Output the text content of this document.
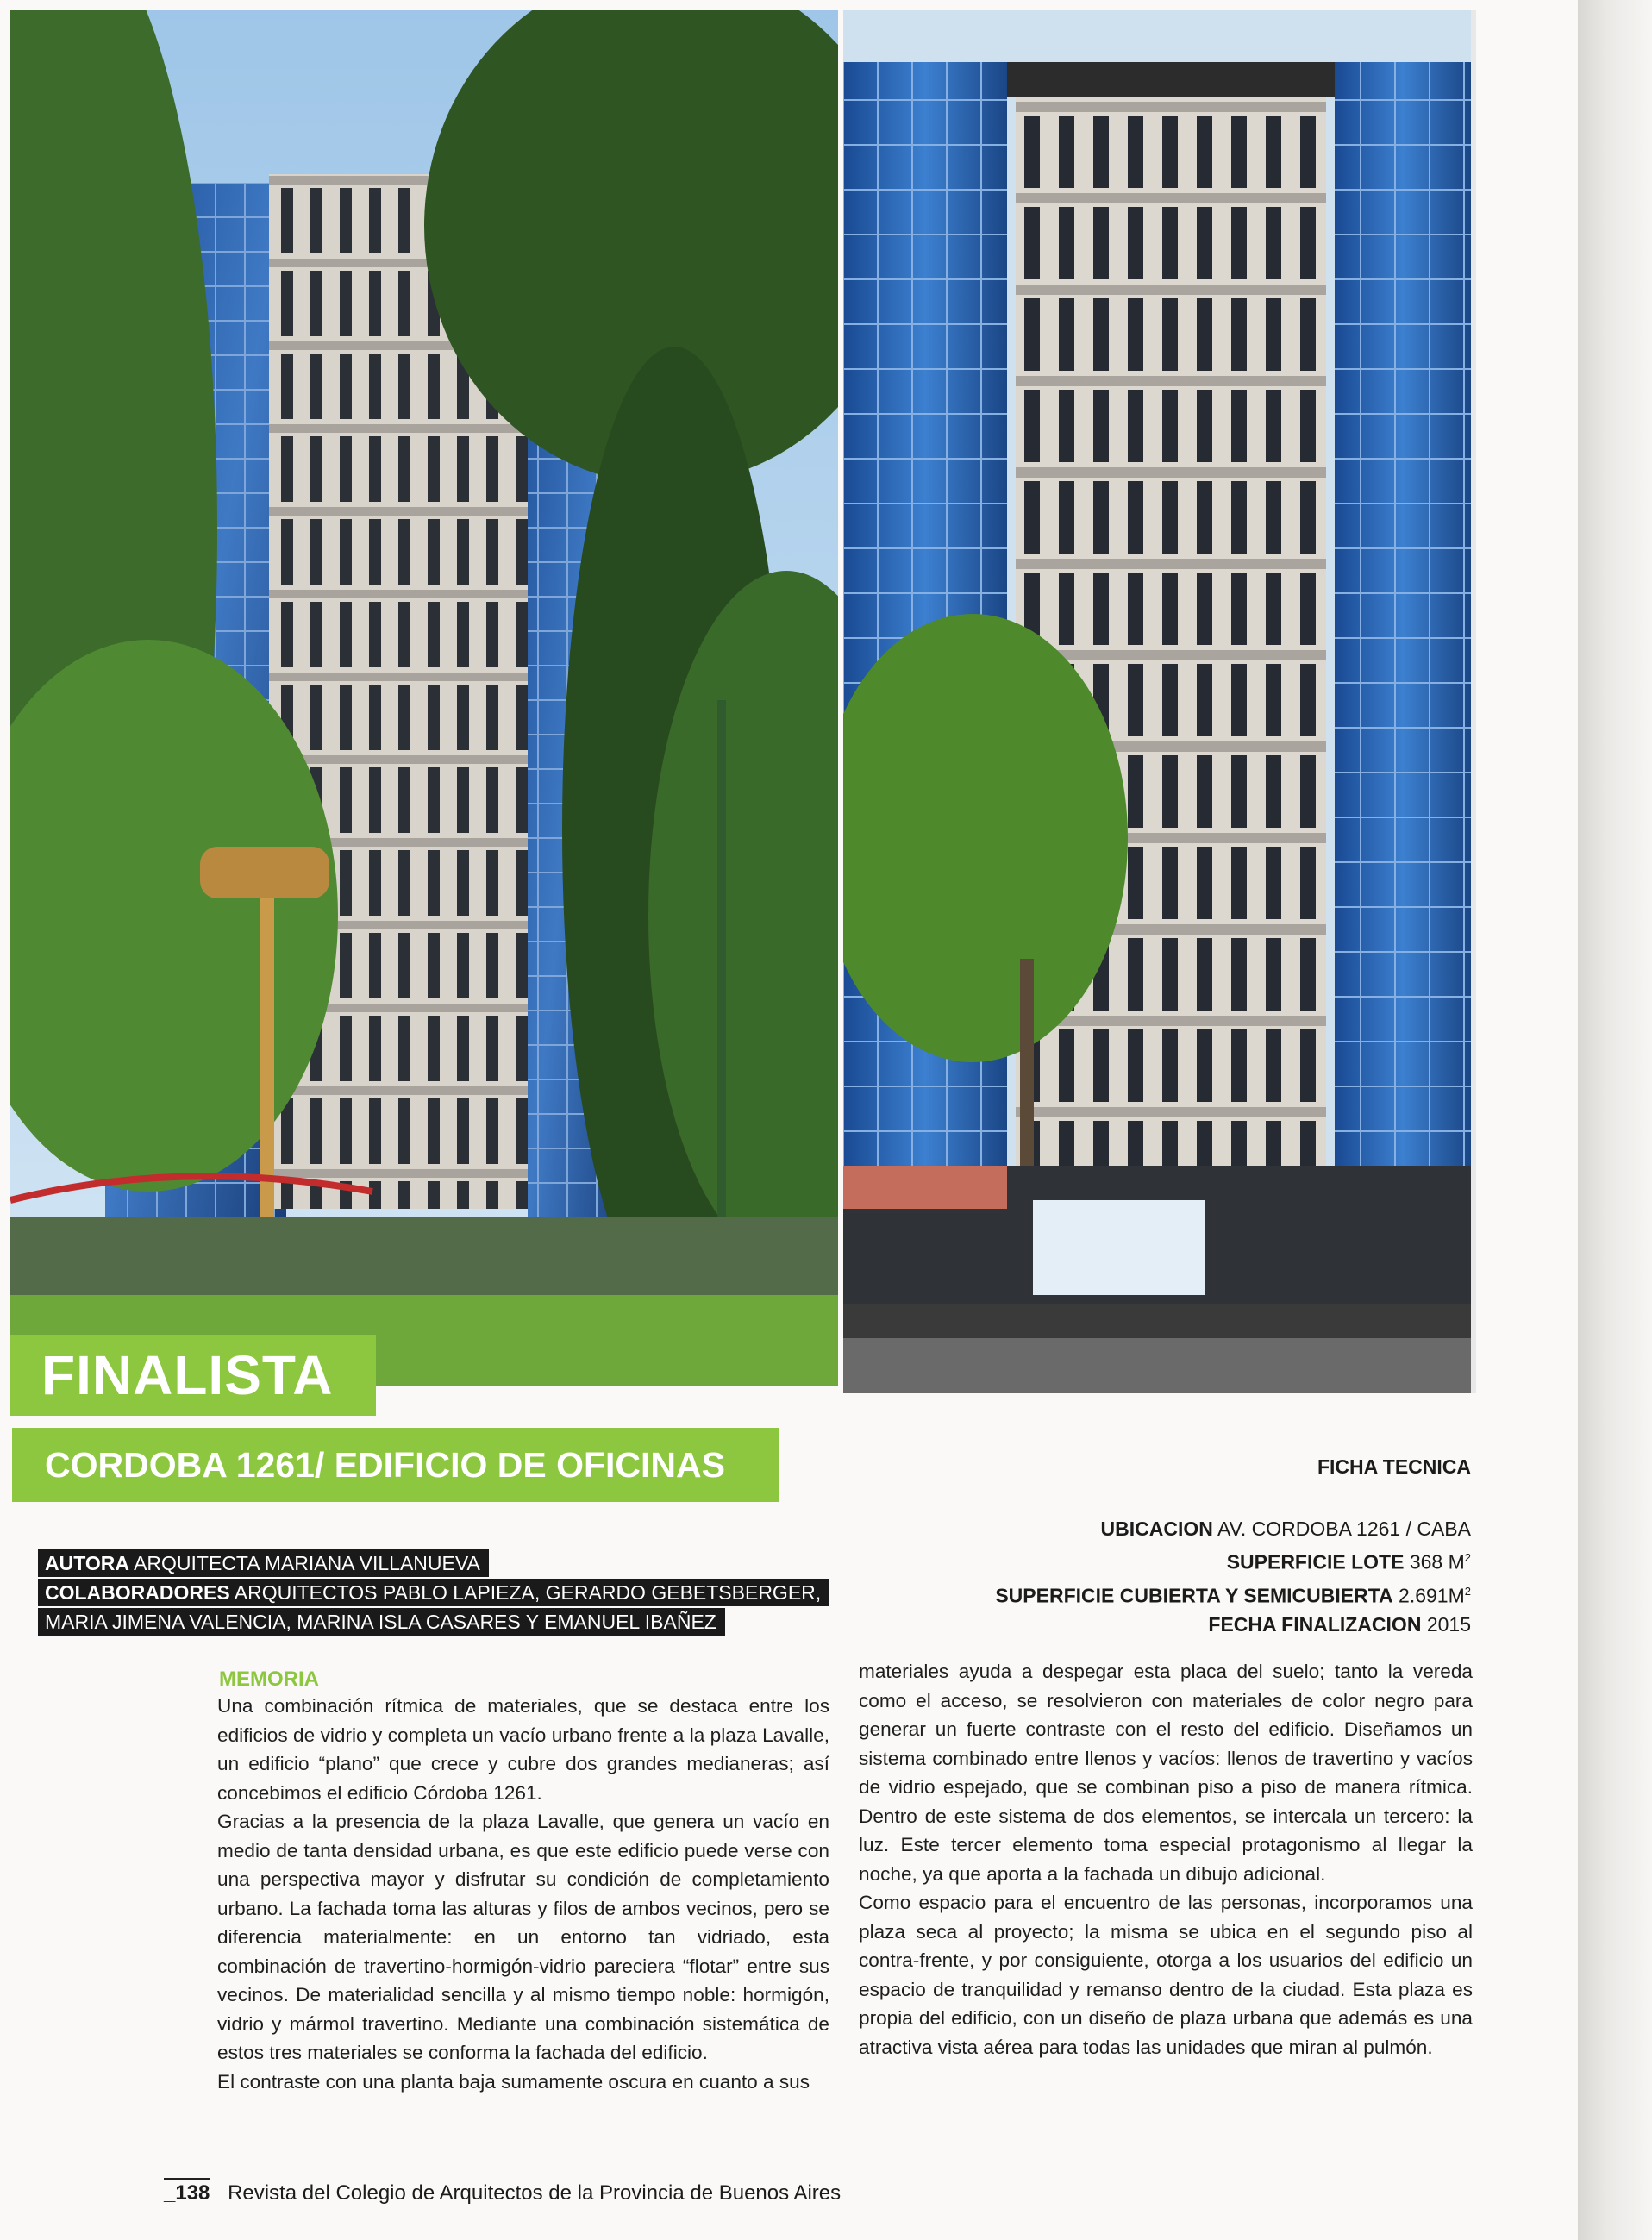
FINALISTA
CORDOBA 1261/ EDIFICIO DE OFICINAS
AUTORA ARQUITECTA MARIANA VILLANUEVA
COLABORADORES ARQUITECTOS PABLO LAPIEZA, GERARDO GEBETSBERGER,
MARIA JIMENA VALENCIA, MARINA ISLA CASARES Y EMANUEL IBAÑEZ
FICHA TECNICA
UBICACION AV. CORDOBA 1261 / CABA
SUPERFICIE LOTE 368 $M^2$
SUPERFICIE CUBIERTA Y SEMICUBIERTA $2.691M^2$
FECHA FINALIZACION 2015
MEMORIA

Una combinación rítmica de materiales, que se destaca entre los edificios de vidrio y completa un vacío urbano frente a la plaza Lavalle, un edificio “plano” que crece y cubre dos grandes medianeras; así concebimos el edificio Córdoba 1261.

Gracias a la presencia de la plaza Lavalle, que genera un vacío en medio de tanta densidad urbana, es que este edificio puede verse con una perspectiva mayor y disfrutar su condición de completamiento urbano. La fachada toma las alturas y filos de ambos vecinos, pero se diferencia materialmente: en un entorno tan vidriado, esta combinación de travertino-hormigón-vidrio pareciera “flotar” entre sus vecinos. De materialidad sencilla y al mismo tiempo noble: hormigón, vidrio y mármol travertino. Mediante una combinación sistemática de estos tres materiales se conforma la fachada del edificio.

El contraste con una planta baja sumamente oscura en cuanto a sus

materiales ayuda a despegar esta placa del suelo; tanto la vereda como el acceso, se resolvieron con materiales de color negro para generar un fuerte contraste con el resto del edificio. Diseñamos un sistema combinado entre llenos y vacíos: llenos de travertino y vacíos de vidrio espejado, que se combinan piso a piso de manera rítmica. Dentro de este sistema de dos elementos, se intercala un tercero: la luz. Este tercer elemento toma especial protagonismo al llegar la noche, ya que aporta a la fachada un dibujo adicional.

Como espacio para el encuentro de las personas, incorporamos una plaza seca al proyecto; la misma se ubica en el segundo piso al contra-frente, y por consiguiente, otorga a los usuarios del edificio un espacio de tranquilidad y remanso dentro de la ciudad. Esta plaza es propia del edificio, con un diseño de plaza urbana que además es una atractiva vista aérea para todas las unidades que miran al pulmón.

_138 Revista del Colegio de Arquitectos de la Provincia de Buenos Aires
